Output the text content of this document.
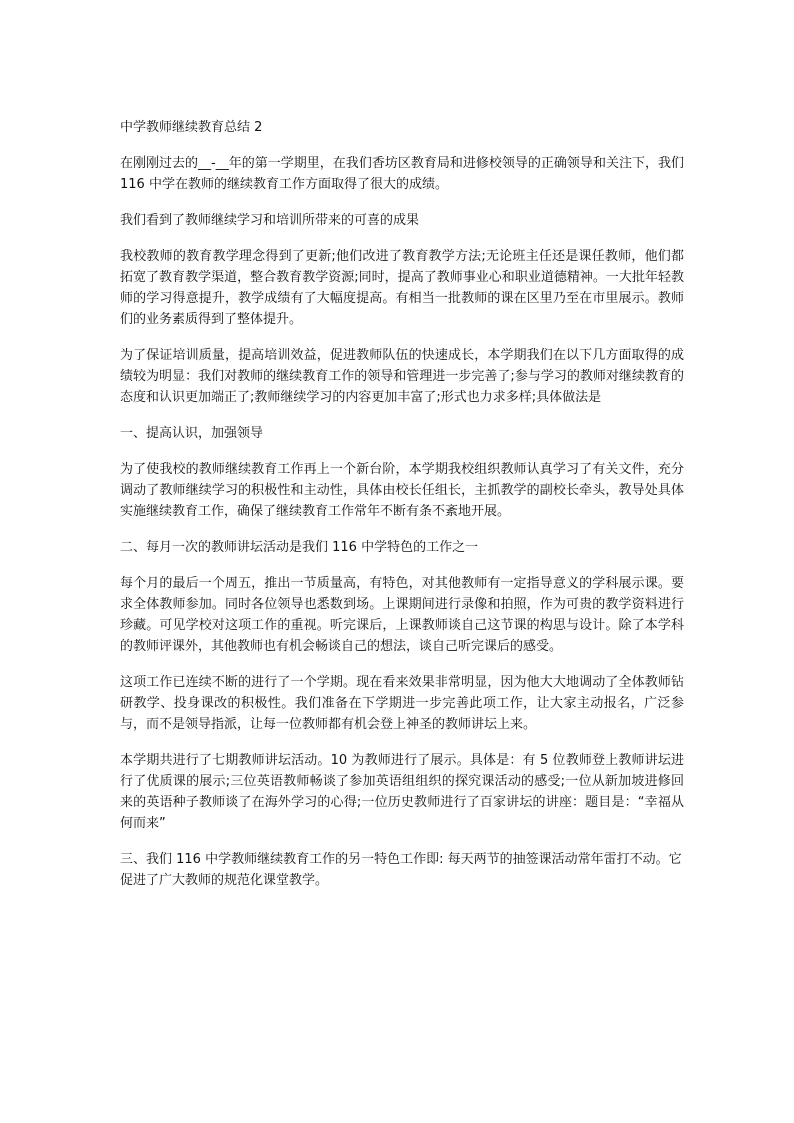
中学教师继续教育总结 2

在刚刚过去的__-__年的第一学期里，在我们香坊区教育局和进修校领导的正确领导和关注下，我们 116 中学在教师的继续教育工作方面取得了很大的成绩。

我们看到了教师继续学习和培训所带来的可喜的成果

我校教师的教育教学理念得到了更新;他们改进了教育教学方法;无论班主任还是课任教师，他们都拓宽了教育教学渠道，整合教育教学资源;同时，提高了教师事业心和职业道德精神。一大批年轻教师的学习得意提升，教学成绩有了大幅度提高。有相当一批教师的课在区里乃至在市里展示。教师们的业务素质得到了整体提升。

为了保证培训质量，提高培训效益，促进教师队伍的快速成长，本学期我们在以下几方面取得的成绩较为明显：我们对教师的继续教育工作的领导和管理进一步完善了;参与学习的教师对继续教育的态度和认识更加端正了;教师继续学习的内容更加丰富了;形式也力求多样;具体做法是

一、提高认识，加强领导

为了使我校的教师继续教育工作再上一个新台阶，本学期我校组织教师认真学习了有关文件，充分调动了教师继续学习的积极性和主动性，具体由校长任组长，主抓教学的副校长牵头，教导处具体实施继续教育工作，确保了继续教育工作常年不断有条不紊地开展。

二、每月一次的教师讲坛活动是我们 116 中学特色的工作之一

每个月的最后一个周五，推出一节质量高，有特色，对其他教师有一定指导意义的学科展示课。要求全体教师参加。同时各位领导也悉数到场。上课期间进行录像和拍照，作为可贵的教学资料进行珍藏。可见学校对这项工作的重视。听完课后，上课教师谈自己这节课的构思与设计。除了本学科的教师评课外，其他教师也有机会畅谈自己的想法，谈自己听完课后的感受。

这项工作已连续不断的进行了一个学期。现在看来效果非常明显，因为他大大地调动了全体教师钻研教学、投身课改的积极性。我们准备在下学期进一步完善此项工作，让大家主动报名，广泛参与，而不是领导指派，让每一位教师都有机会登上神圣的教师讲坛上来。

本学期共进行了七期教师讲坛活动。10 为教师进行了展示。具体是：有 5 位教师登上教师讲坛进行了优质课的展示;三位英语教师畅谈了参加英语组组织的探究课活动的感受;一位从新加坡进修回来的英语种子教师谈了在海外学习的心得;一位历史教师进行了百家讲坛的讲座：题目是：“幸福从何而来”

三、我们 116 中学教师继续教育工作的另一特色工作即: 每天两节的抽签课活动常年雷打不动。它促进了广大教师的规范化课堂教学。
